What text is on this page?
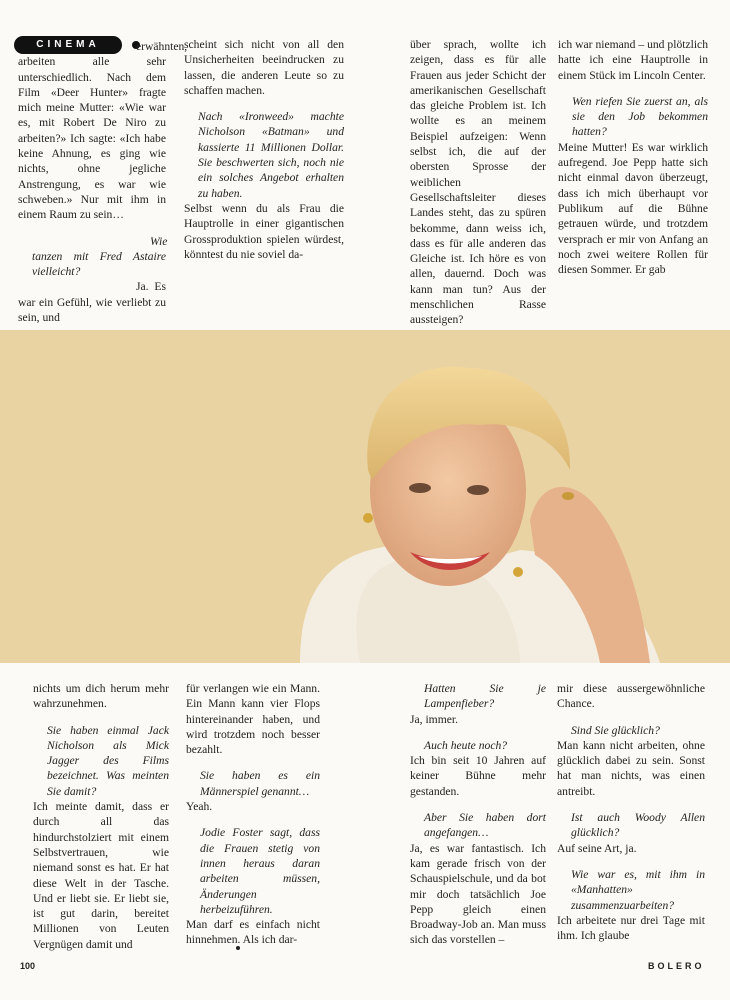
CINEMA	erwähnten, arbeiten alle sehr unterschiedlich. Nach dem Film «Deer Hunter» fragte mich meine Mutter: «Wie war es, mit Robert De Niro zu arbeiten?» Ich sagte: «Ich habe keine Ahnung, es ging wie nichts, ohne jegliche Anstrengung, es war wie schweben.» Nur mit ihm in einem Raum zu sein…

Wie tanzen mit Fred Astaire vielleicht?

Ja. Es war ein Gefühl, wie verliebt zu sein, und

scheint sich nicht von all den Unsicherheiten beeindrucken zu lassen, die anderen Leute so zu schaffen machen.

Nach «Ironweed» machte Nicholson «Batman» und kassierte 11 Millionen Dollar. Sie beschwerten sich, noch nie ein solches Angebot erhalten zu haben.

Selbst wenn du als Frau die Hauptrolle in einer gigantischen Grossproduktion spielen würdest, könntest du nie soviel da-

über sprach, wollte ich zeigen, dass es für alle Frauen aus jeder Schicht der amerikanischen Gesellschaft das gleiche Problem ist. Ich wollte es an meinem Beispiel aufzeigen: Wenn selbst ich, die auf der obersten Sprosse der weiblichen Gesellschaftsleiter dieses Landes steht, das zu spüren bekomme, dann weiss ich, dass es für alle anderen das Gleiche ist. Ich höre es von allen, dauernd. Doch was kann man tun? Aus der menschlichen Rasse aussteigen?

ich war niemand – und plötzlich hatte ich eine Hauptrolle in einem Stück im Lincoln Center.

Wen riefen Sie zuerst an, als sie den Job bekommen hatten?

Meine Mutter! Es war wirklich aufregend. Joe Pepp hatte sich nicht einmal davon überzeugt, dass ich mich überhaupt vor Publikum auf die Bühne getrauen würde, und trotzdem versprach er mir von Anfang an noch zwei weitere Rollen für diesen Sommer. Er gab

nichts um dich herum mehr wahrzunehmen.

Sie haben einmal Jack Nicholson als Mick Jagger des Films bezeichnet. Was meinten Sie damit?

Ich meinte damit, dass er durch all das hindurchstolziert mit einem Selbstvertrauen, wie niemand sonst es hat. Er hat diese Welt in der Tasche. Und er liebt sie. Er liebt sie, ist gut darin, bereitet Millionen von Leuten Vergnügen damit und

für verlangen wie ein Mann. Ein Mann kann vier Flops hintereinander haben, und wird trotzdem noch besser bezahlt.

Sie haben es ein Männerspiel genannt…

Yeah.

Jodie Foster sagt, dass die Frauen stetig von innen heraus daran arbeiten müssen, Änderungen herbeizuführen.

Man darf es einfach nicht hinnehmen. Als ich dar-

Hatten Sie je Lampenfieber?

Ja, immer.

Auch heute noch?

Ich bin seit 10 Jahren auf keiner Bühne mehr gestanden.

Aber Sie haben dort angefangen…

Ja, es war fantastisch. Ich kam gerade frisch von der Schauspielschule, und da bot mir doch tatsächlich Joe Pepp gleich einen Broadway-Job an. Man muss sich das vorstellen –

mir diese aussergewöhnliche Chance.

Sind Sie glücklich?

Man kann nicht arbeiten, ohne glücklich dabei zu sein. Sonst hat man nichts, was einen antreibt.

Ist auch Woody Allen glücklich?

Auf seine Art, ja.

Wie war es, mit ihm in «Manhatten» zusammenzuarbeiten?

Ich arbeitete nur drei Tage mit ihm. Ich glaube

100	BOLERO
